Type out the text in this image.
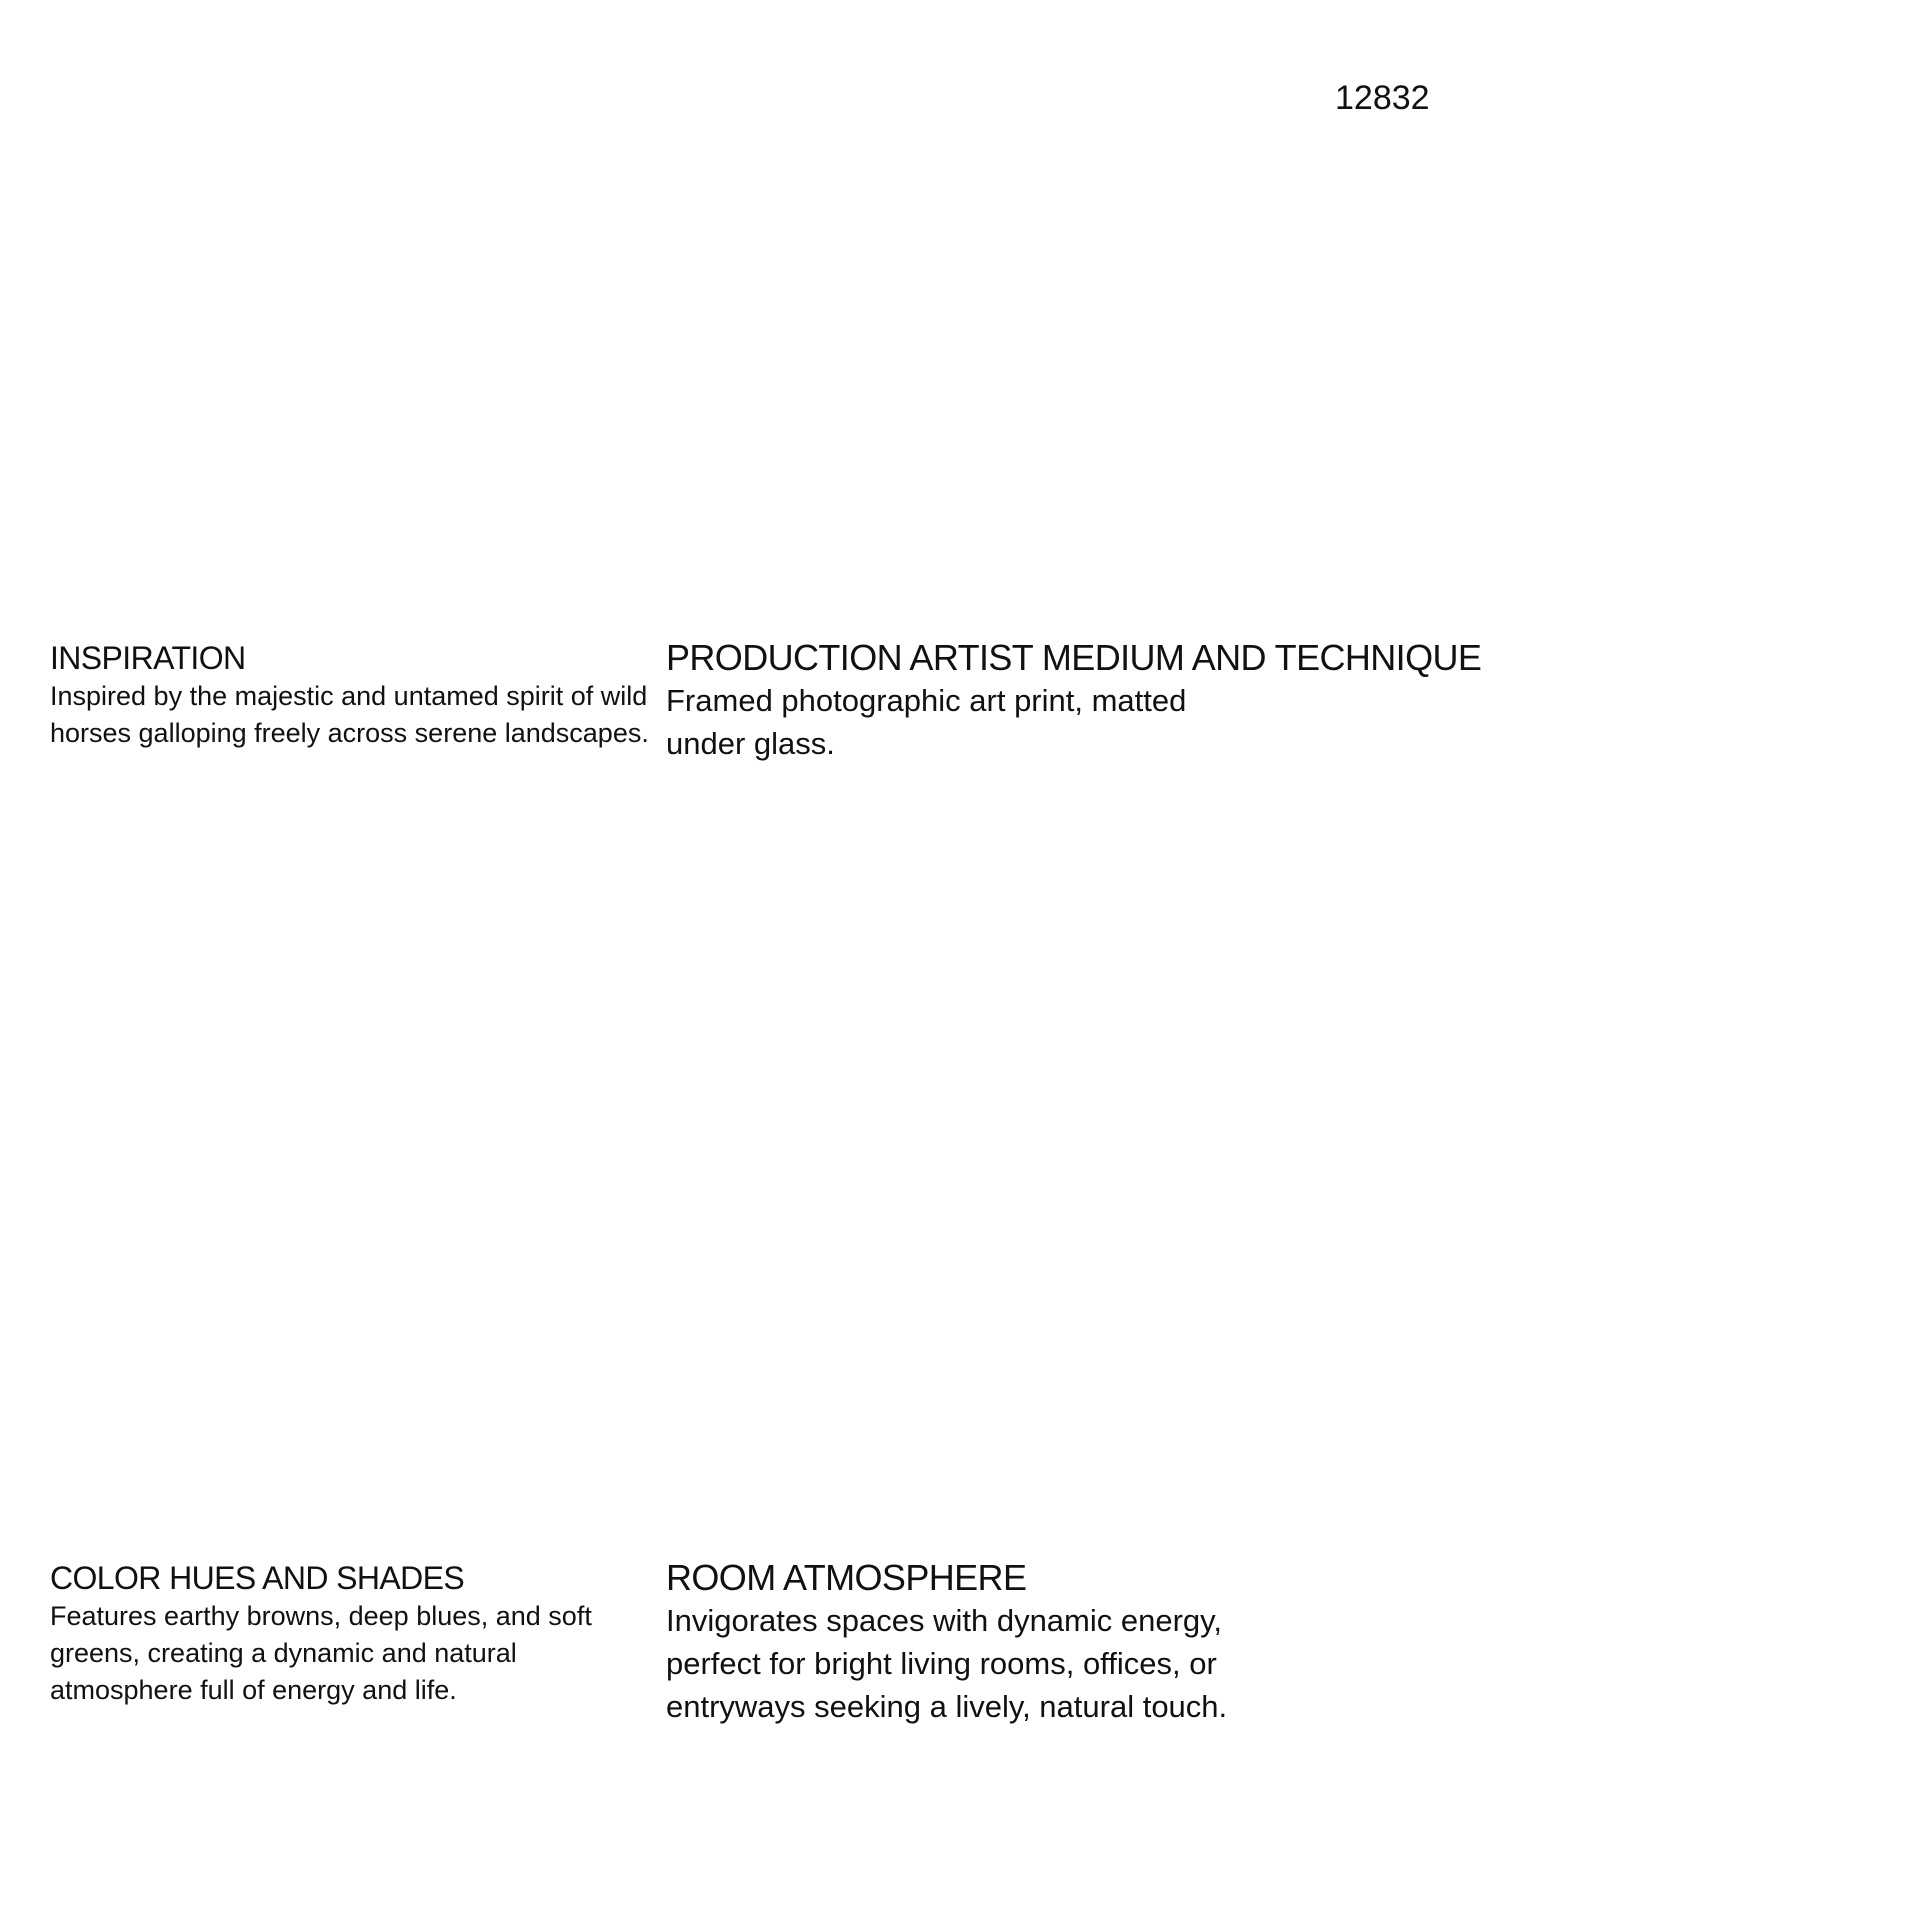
12832
INSPIRATION

Inspired by the majestic and untamed spirit of wild horses galloping freely across serene landscapes.

PRODUCTION ARTIST MEDIUM AND TECHNIQUE

Framed photographic art print, matted under glass.

COLOR HUES AND SHADES

Features earthy browns, deep blues, and soft greens, creating a dynamic and natural atmosphere full of energy and life.

ROOM ATMOSPHERE

Invigorates spaces with dynamic energy, perfect for bright living rooms, offices, or entryways seeking a lively, natural touch.
